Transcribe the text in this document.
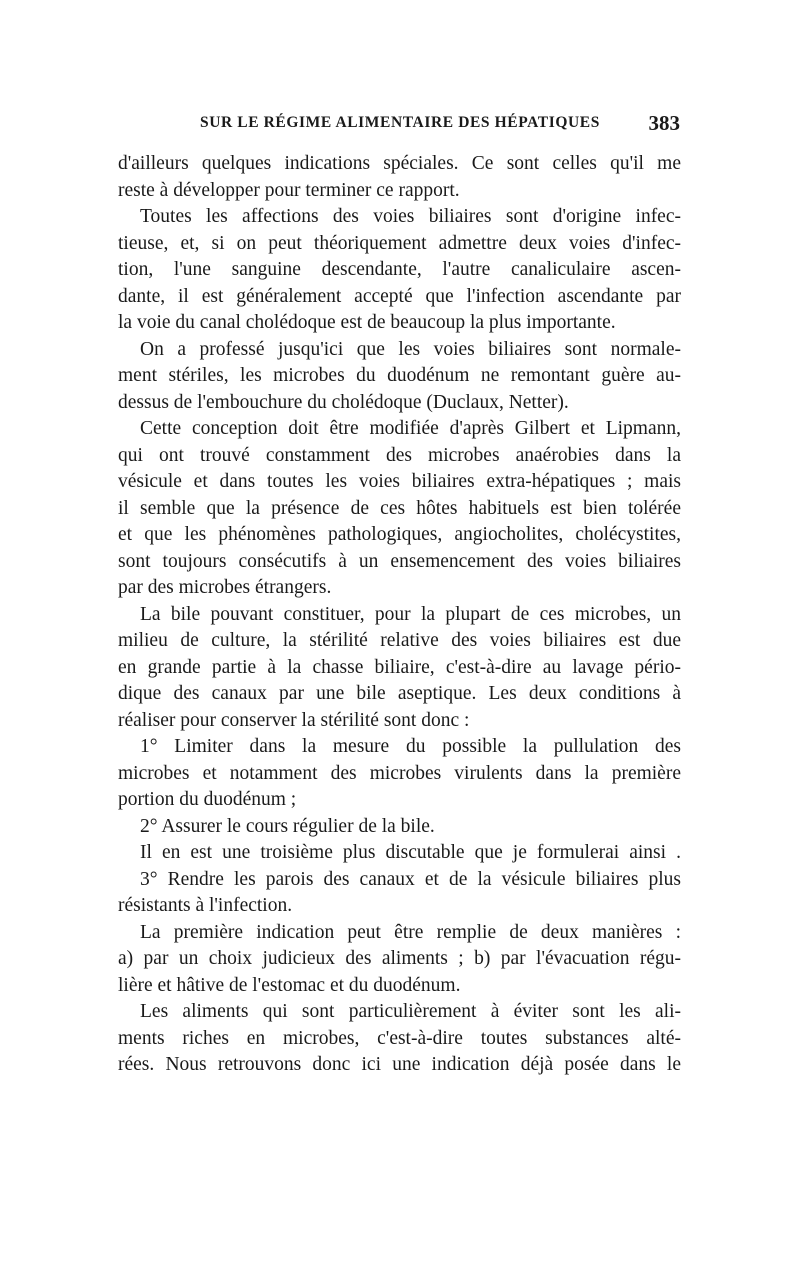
SUR LE RÉGIME ALIMENTAIRE DES HÉPATIQUES 383
d'ailleurs quelques indications spéciales. Ce sont celles qu'il me
reste à développer pour terminer ce rapport.
Toutes les affections des voies biliaires sont d'origine infec-
tieuse, et, si on peut théoriquement admettre deux voies d'infec-
tion, l'une sanguine descendante, l'autre canaliculaire ascen-
dante, il est généralement accepté que l'infection ascendante par
la voie du canal cholédoque est de beaucoup la plus importante.
On a professé jusqu'ici que les voies biliaires sont normale-
ment stériles, les microbes du duodénum ne remontant guère au-
dessus de l'embouchure du cholédoque (Duclaux, Netter).
Cette conception doit être modifiée d'après Gilbert et Lipmann,
qui ont trouvé constamment des microbes anaérobies dans la
vésicule et dans toutes les voies biliaires extra-hépatiques ; mais
il semble que la présence de ces hôtes habituels est bien tolérée
et que les phénomènes pathologiques, angiocholites, cholécystites,
sont toujours consécutifs à un ensemencement des voies biliaires
par des microbes étrangers.
La bile pouvant constituer, pour la plupart de ces microbes, un
milieu de culture, la stérilité relative des voies biliaires est due
en grande partie à la chasse biliaire, c'est-à-dire au lavage pério-
dique des canaux par une bile aseptique. Les deux conditions à
réaliser pour conserver la stérilité sont donc :
1° Limiter dans la mesure du possible la pullulation des
microbes et notamment des microbes virulents dans la première
portion du duodénum ;
2° Assurer le cours régulier de la bile.
Il en est une troisième plus discutable que je formulerai ainsi .
3° Rendre les parois des canaux et de la vésicule biliaires plus
résistants à l'infection.
La première indication peut être remplie de deux manières :
a) par un choix judicieux des aliments ; b) par l'évacuation régu-
lière et hâtive de l'estomac et du duodénum.
Les aliments qui sont particulièrement à éviter sont les ali-
ments riches en microbes, c'est-à-dire toutes substances alté-
rées. Nous retrouvons donc ici une indication déjà posée dans le
